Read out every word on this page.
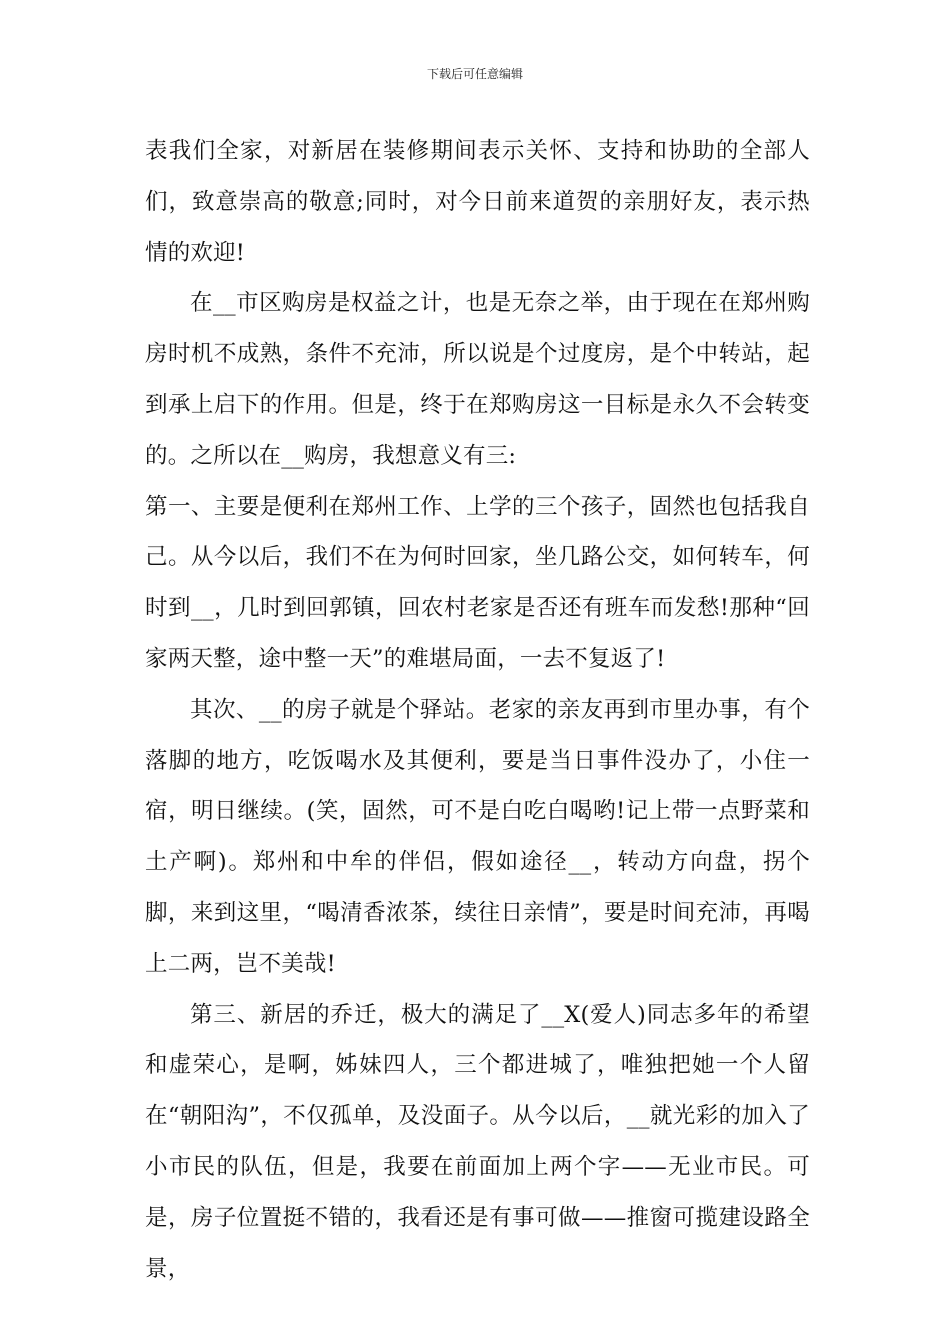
下载后可任意编辑

表我们全家，对新居在装修期间表示关怀、支持和协助的全部人们，致意崇高的敬意;同时，对今日前来道贺的亲朋好友，表示热情的欢迎!

在__市区购房是权益之计，也是无奈之举，由于现在在郑州购房时机不成熟，条件不充沛，所以说是个过度房，是个中转站，起到承上启下的作用。但是，终于在郑购房这一目标是永久不会转变的。之所以在__购房，我想意义有三:

第一、主要是便利在郑州工作、上学的三个孩子，固然也包括我自己。从今以后，我们不在为何时回家，坐几路公交，如何转车，何时到__，几时到回郭镇，回农村老家是否还有班车而发愁!那种“回家两天整，途中整一天”的难堪局面，一去不复返了!

其次、__的房子就是个驿站。老家的亲友再到市里办事，有个落脚的地方，吃饭喝水及其便利，要是当日事件没办了，小住一宿，明日继续。(笑，固然，可不是白吃白喝哟!记上带一点野菜和土产啊)。郑州和中牟的伴侣，假如途径__，转动方向盘，拐个脚，来到这里，“喝清香浓茶，续往日亲情”，要是时间充沛，再喝上二两，岂不美哉!

第三、新居的乔迁，极大的满足了__X(爱人)同志多年的希望和虚荣心，是啊，姊妹四人，三个都进城了，唯独把她一个人留在“朝阳沟”，不仅孤单，及没面子。从今以后，__就光彩的加入了小市民的队伍，但是，我要在前面加上两个字——无业市民。可是，房子位置挺不错的，我看还是有事可做——推窗可揽建设路全景，
